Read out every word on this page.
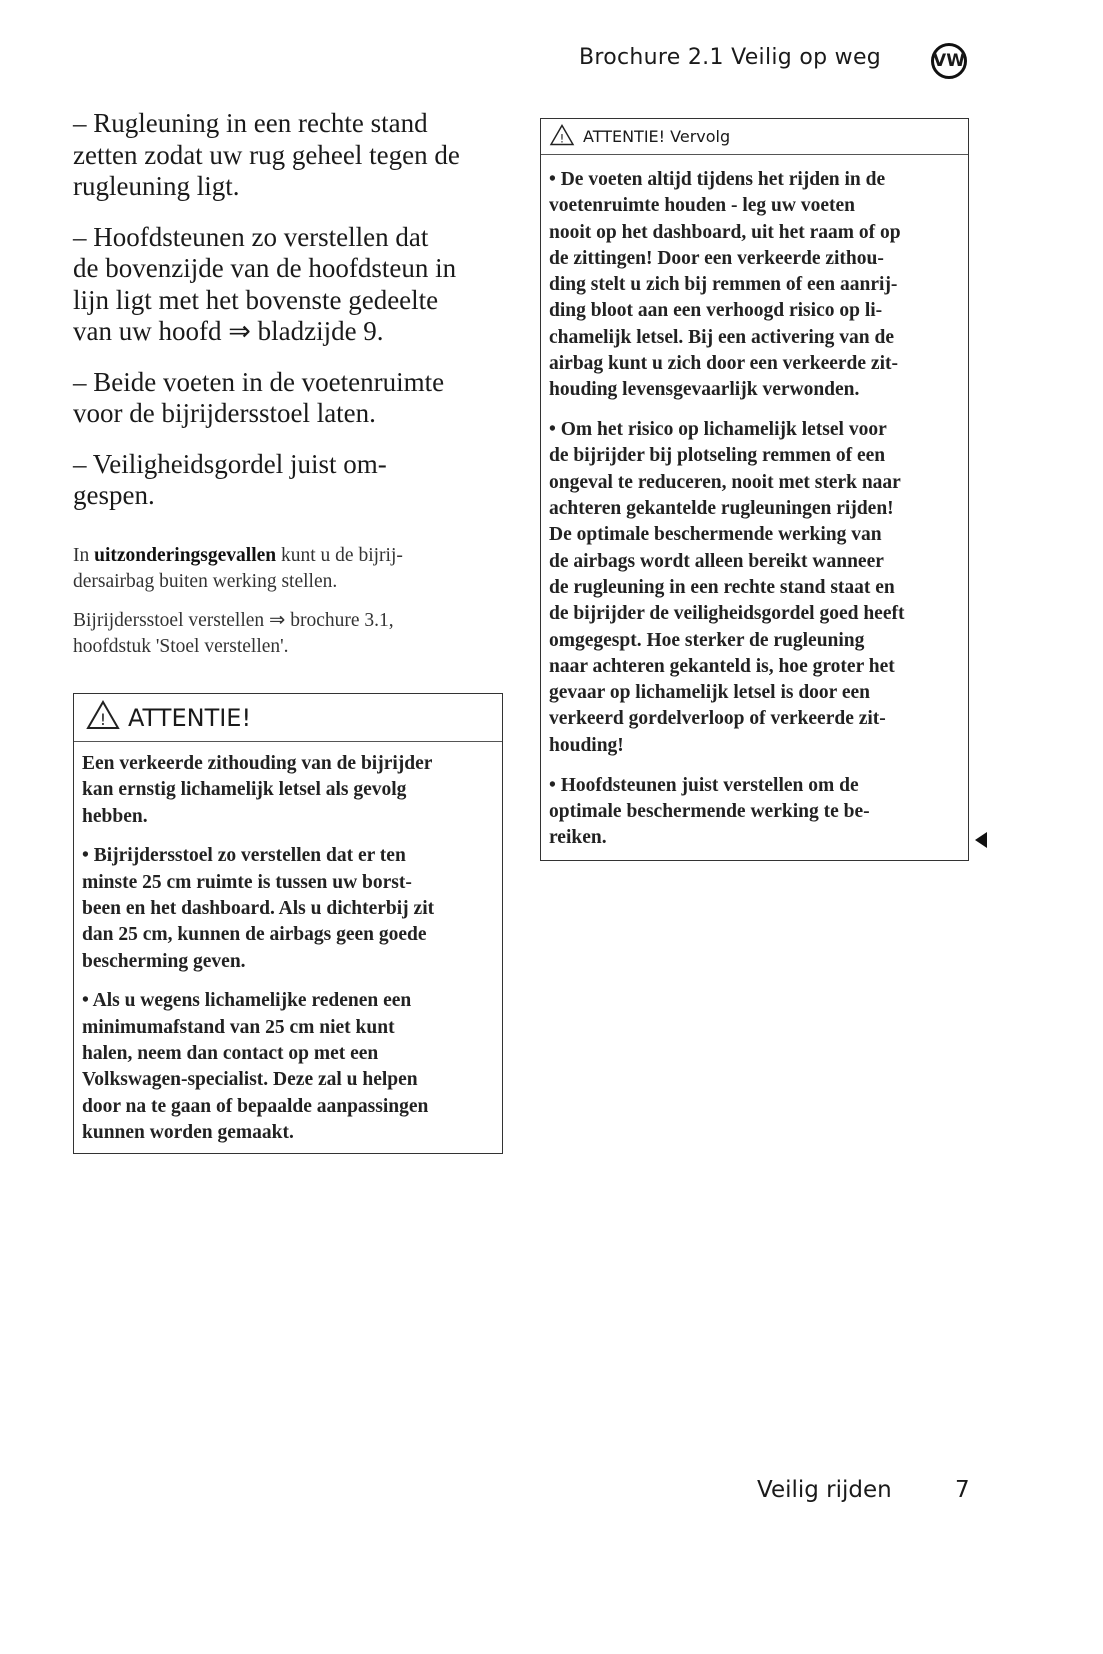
Brochure 2.1 Veilig op weg	VW
– Rugleuning in een rechte stand
zetten zodat uw rug geheel tegen de
rugleuning ligt.
– Hoofdsteunen zo verstellen dat
de bovenzijde van de hoofdsteun in
lijn ligt met het bovenste gedeelte
van uw hoofd ⇒ bladzijde 9.
– Beide voeten in de voetenruimte
voor de bijrijdersstoel laten.
– Veiligheidsgordel juist om-
gespen.
In uitzonderingsgevallen kunt u de bijrij-
dersairbag buiten werking stellen.
Bijrijdersstoel verstellen ⇒ brochure 3.1,
hoofdstuk 'Stoel verstellen'.
! ATTENTIE!
Een verkeerde zithouding van de bijrijder
kan ernstig lichamelijk letsel als gevolg
hebben.
• Bijrijdersstoel zo verstellen dat er ten
minste 25 cm ruimte is tussen uw borst-
been en het dashboard. Als u dichterbij zit
dan 25 cm, kunnen de airbags geen goede
bescherming geven.
• Als u wegens lichamelijke redenen een
minimumafstand van 25 cm niet kunt
halen, neem dan contact op met een
Volkswagen-specialist. Deze zal u helpen
door na te gaan of bepaalde aanpassingen
kunnen worden gemaakt.
! ATTENTIE! Vervolg
• De voeten altijd tijdens het rijden in de
voetenruimte houden - leg uw voeten
nooit op het dashboard, uit het raam of op
de zittingen! Door een verkeerde zithou-
ding stelt u zich bij remmen of een aanrij-
ding bloot aan een verhoogd risico op li-
chamelijk letsel. Bij een activering van de
airbag kunt u zich door een verkeerde zit-
houding levensgevaarlijk verwonden.
• Om het risico op lichamelijk letsel voor
de bijrijder bij plotseling remmen of een
ongeval te reduceren, nooit met sterk naar
achteren gekantelde rugleuningen rijden!
De optimale beschermende werking van
de airbags wordt alleen bereikt wanneer
de rugleuning in een rechte stand staat en
de bijrijder de veiligheidsgordel goed heeft
omgegespt. Hoe sterker de rugleuning
naar achteren gekanteld is, hoe groter het
gevaar op lichamelijk letsel is door een
verkeerd gordelverloop of verkeerde zit-
houding!
• Hoofdsteunen juist verstellen om de
optimale beschermende werking te be-
reiken.
Veilig rijden	7
